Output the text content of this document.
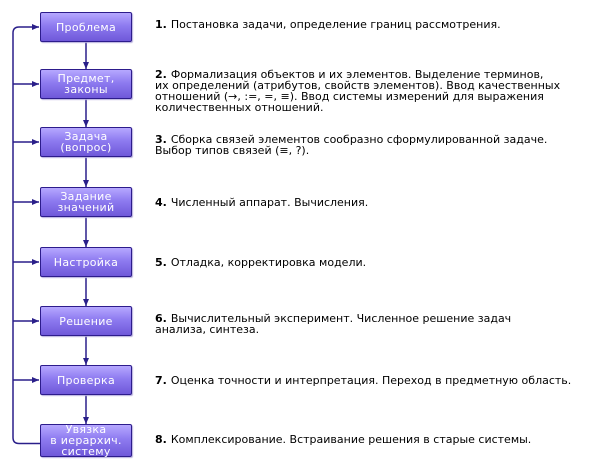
Проблема
Предмет,
законы
Задача
(вопрос)
Задание
значений
Настройка
Решение
Проверка
Увязка
в иерархич.
систему
1. Постановка задачи, определение границ рассмотрения.
2. Формализация объектов и их элементов. Выделение терминов,
их определений (атрибутов, свойств элементов). Ввод качественных
отношений (→, :=, =, ≡). Ввод системы измерений для выражения
количественных отношений.
3. Сборка связей элементов сообразно сформулированной задаче.
Выбор типов связей (≡, ?).
4. Численный аппарат. Вычисления.
5. Отладка, корректировка модели.
6. Вычислительный эксперимент. Численное решение задач
анализа, синтеза.
7. Оценка точности и интерпретация. Переход в предметную область.
8. Комплексирование. Встраивание решения в старые системы.
